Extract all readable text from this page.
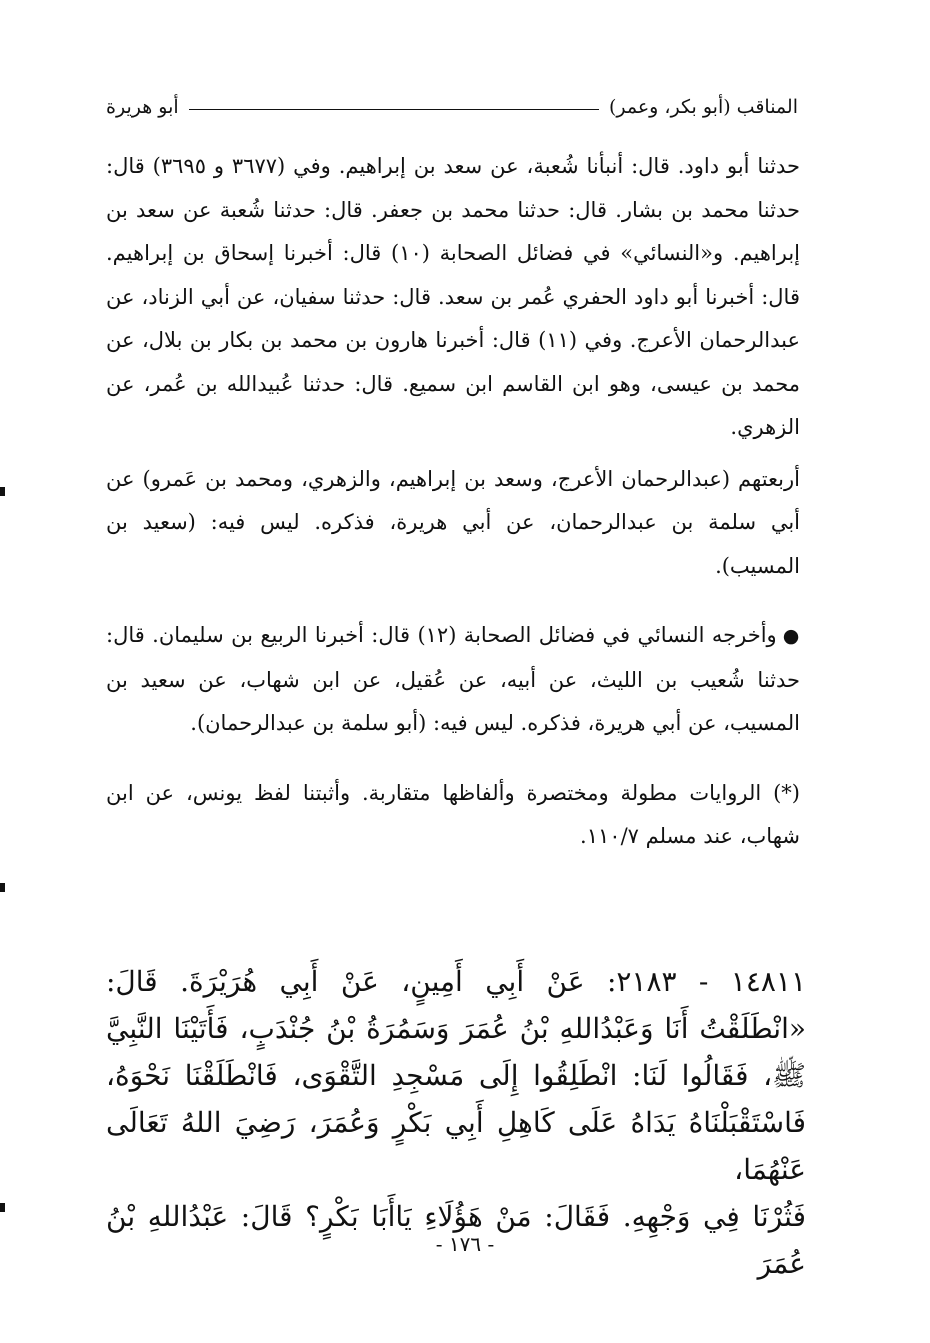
المناقب (أبو بكر، وعمر)
أبو هريرة

حدثنا أبو داود. قال: أنبأنا شُعبة، عن سعد بن إبراهيم. وفي (٣٦٧٧ و ٣٦٩٥) قال: حدثنا محمد بن بشار. قال: حدثنا محمد بن جعفر. قال: حدثنا شُعبة عن سعد بن إبراهيم. و«النسائي» في فضائل الصحابة (١٠) قال: أخبرنا إسحاق بن إبراهيم. قال: أخبرنا أبو داود الحفري عُمر بن سعد. قال: حدثنا سفيان، عن أبي الزناد، عن عبدالرحمان الأعرج. وفي (١١) قال: أخبرنا هارون بن محمد بن بكار بن بلال، عن محمد بن عيسى، وهو ابن القاسم ابن سميع. قال: حدثنا عُبيدالله بن عُمر، عن الزهري.

أربعتهم (عبدالرحمان الأعرج، وسعد بن إبراهيم، والزهري، ومحمد بن عَمرو) عن أبي سلمة بن عبدالرحمان، عن أبي هريرة، فذكره. ليس فيه: (سعيد بن المسيب).

●وأخرجه النسائي في فضائل الصحابة (١٢) قال: أخبرنا الربيع بن سليمان. قال: حدثنا شُعيب بن الليث، عن أبيه، عن عُقيل، عن ابن شهاب، عن سعيد بن المسيب، عن أبي هريرة، فذكره. ليس فيه: (أبو سلمة بن عبدالرحمان).

(*) الروايات مطولة ومختصرة وألفاظها متقاربة. وأثبتنا لفظ يونس، عن ابن شهاب، عند مسلم ١١٠/٧.

١٤٨١١ - ٢١٨٣: عَنْ أَبِي أَمِينٍ، عَنْ أَبِي هُرَيْرَةَ. قَالَ:

«انْطَلَقْتُ أَنَا وَعَبْدُاللهِ بْنُ عُمَرَ وَسَمُرَةُ بْنُ جُنْدَبٍ، فَأَتَيْنَا النَّبِيَّ

ﷺ، فَقَالُوا لَنَا: انْطَلِقُوا إِلَى مَسْجِدِ التَّقْوَى، فَانْطَلَقْنَا نَحْوَهُ،

فَاسْتَقْبَلْنَاهُ يَدَاهُ عَلَى كَاهِلِ أَبِي بَكْرٍ وَعُمَرَ، رَضِيَ اللهُ تَعَالَى عَنْهُمَا،

فَثُرْنَا فِي وَجْهِهِ. فَقَالَ: مَنْ هَؤُلَاءِ يَاأَبَا بَكْرٍ؟ قَالَ: عَبْدُاللهِ بْنُ عُمَرَ

- ١٧٦ -
